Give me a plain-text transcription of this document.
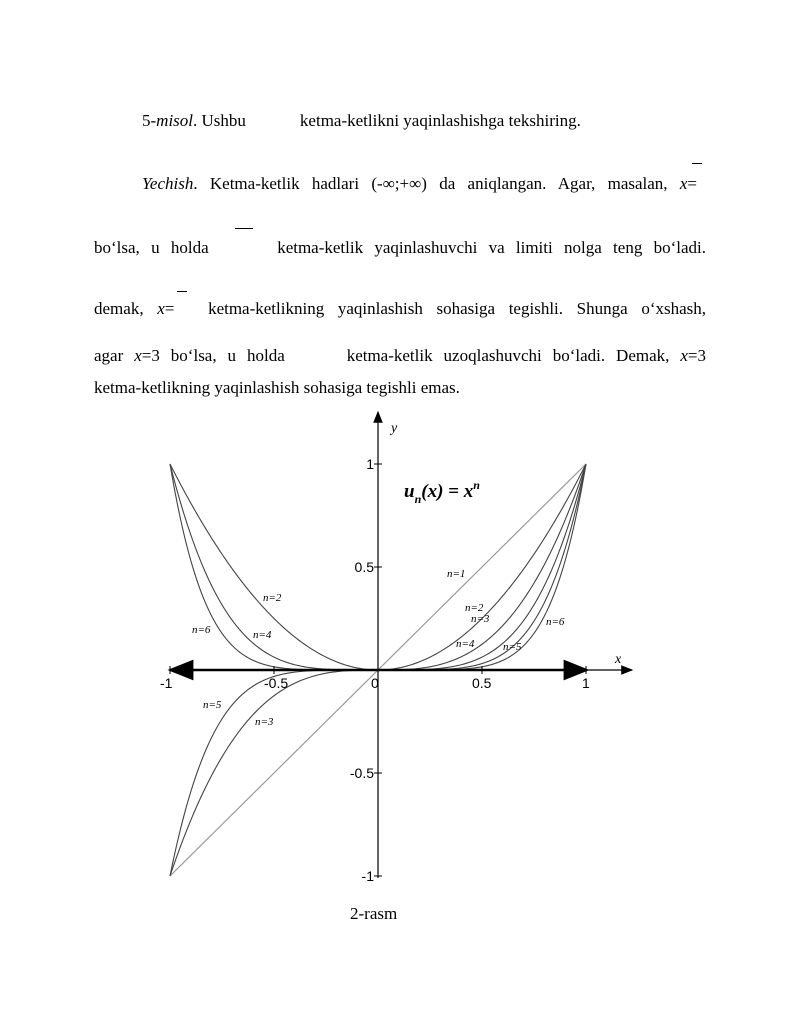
5-misol. Ushbu	ketma-ketlikni yaqinlashishga tekshiring.
Yechish. Ketma-ketlik hadlari (-∞;+∞) da aniqlangan. Agar, masalan, x=
bo‘lsa, u holda	ketma-ketlik yaqinlashuvchi va limiti nolga teng bo‘ladi.
demak, x= ketma-ketlikning yaqinlashish sohasiga tegishli. Shunga o‘xshash,
agar x=3 bo‘lsa, u holda	ketma-ketlik uzoqlashuvchi bo‘ladi. Demak, x=3
ketma-ketlikning yaqinlashish sohasiga tegishli emas.
x
y
-1	-0.5	0	0.5	1
1
0.5
-0.5
-1
n=1
n=2
n=3
n=4	n=5
n=6
n=2
n=4
n=6
n=5
n=3
$u_n(x) = x^n$
2-rasm
